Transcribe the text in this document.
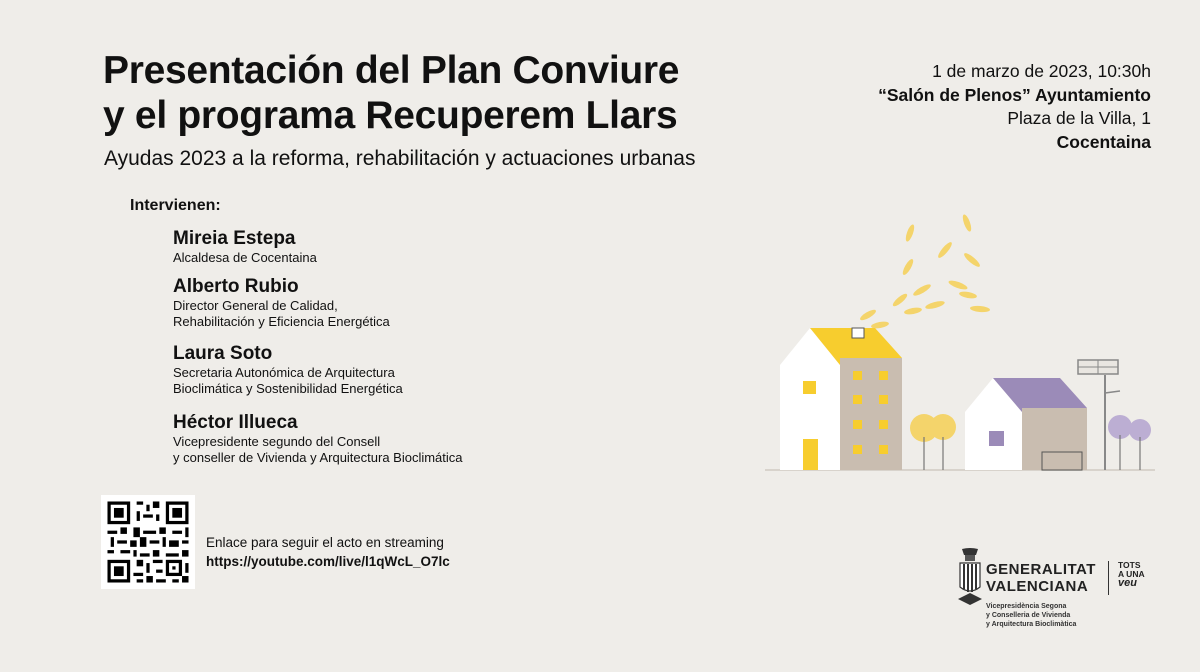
Presentación del Plan Conviure
y el programa Recuperem Llars
Ayudas 2023 a la reforma, rehabilitación y actuaciones urbanas
Intervienen:
Mireia Estepa
Alcaldesa de Cocentaina
Alberto Rubio
Director General de Calidad,
Rehabilitación y Eficiencia Energética
Laura Soto
Secretaria Autonómica de Arquitectura
Bioclimática y Sostenibilidad Energética
Héctor Illueca
Vicepresidente segundo del Consell
y conseller de Vivienda y Arquitectura Bioclimática
1 de marzo de 2023, 10:30h
“Salón de Plenos” Ayuntamiento
Plaza de la Villa, 1
Cocentaina
Enlace para seguir el acto en streaming
https://youtube.com/live/l1qWcL_O7lc	GENERALITAT
VALENCIANA
TOTS
A UNA
veu
Vicepresidència Segona
y Conselleria de Vivienda
y Arquitectura Bioclimàtica
